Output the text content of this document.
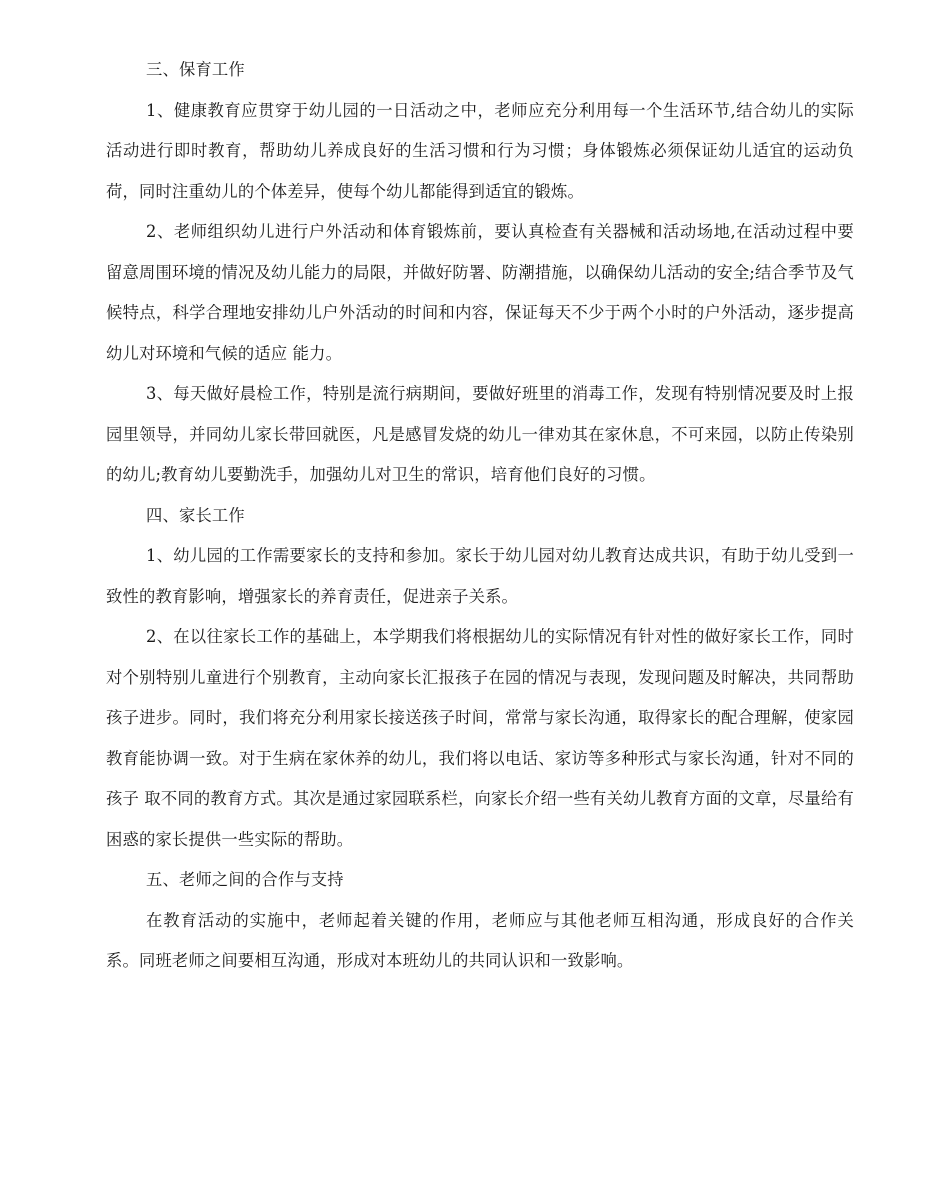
三、保育工作

1、健康教育应贯穿于幼儿园的一日活动之中，老师应充分利用每一个生活环节,结合幼儿的实际活动进行即时教育，帮助幼儿养成良好的生活习惯和行为习惯；身体锻炼必须保证幼儿适宜的运动负荷，同时注重幼儿的个体差异，使每个幼儿都能得到适宜的锻炼。

2、老师组织幼儿进行户外活动和体育锻炼前，要认真检查有关器械和活动场地,在活动过程中要留意周围环境的情况及幼儿能力的局限，并做好防署、防潮措施，以确保幼儿活动的安全;结合季节及气候特点，科学合理地安排幼儿户外活动的时间和内容，保证每天不少于两个小时的户外活动，逐步提高幼儿对环境和气候的适应 能力。

3、每天做好晨检工作，特别是流行病期间，要做好班里的消毒工作，发现有特别情况要及时上报园里领导，并同幼儿家长带回就医，凡是感冒发烧的幼儿一律劝其在家休息，不可来园，以防止传染别的幼儿;教育幼儿要勤洗手，加强幼儿对卫生的常识，培育他们良好的习惯。

四、家长工作

1、幼儿园的工作需要家长的支持和参加。家长于幼儿园对幼儿教育达成共识，有助于幼儿受到一致性的教育影响，增强家长的养育责任，促进亲子关系。

2、在以往家长工作的基础上，本学期我们将根据幼儿的实际情况有针对性的做好家长工作，同时对个别特别儿童进行个别教育，主动向家长汇报孩子在园的情况与表现，发现问题及时解决，共同帮助孩子进步。同时，我们将充分利用家长接送孩子时间，常常与家长沟通，取得家长的配合理解，使家园教育能协调一致。对于生病在家休养的幼儿，我们将以电话、家访等多种形式与家长沟通，针对不同的孩子 取不同的教育方式。其次是通过家园联系栏，向家长介绍一些有关幼儿教育方面的文章，尽量给有困惑的家长提供一些实际的帮助。

五、老师之间的合作与支持

在教育活动的实施中，老师起着关键的作用，老师应与其他老师互相沟通，形成良好的合作关系。同班老师之间要相互沟通，形成对本班幼儿的共同认识和一致影响。
